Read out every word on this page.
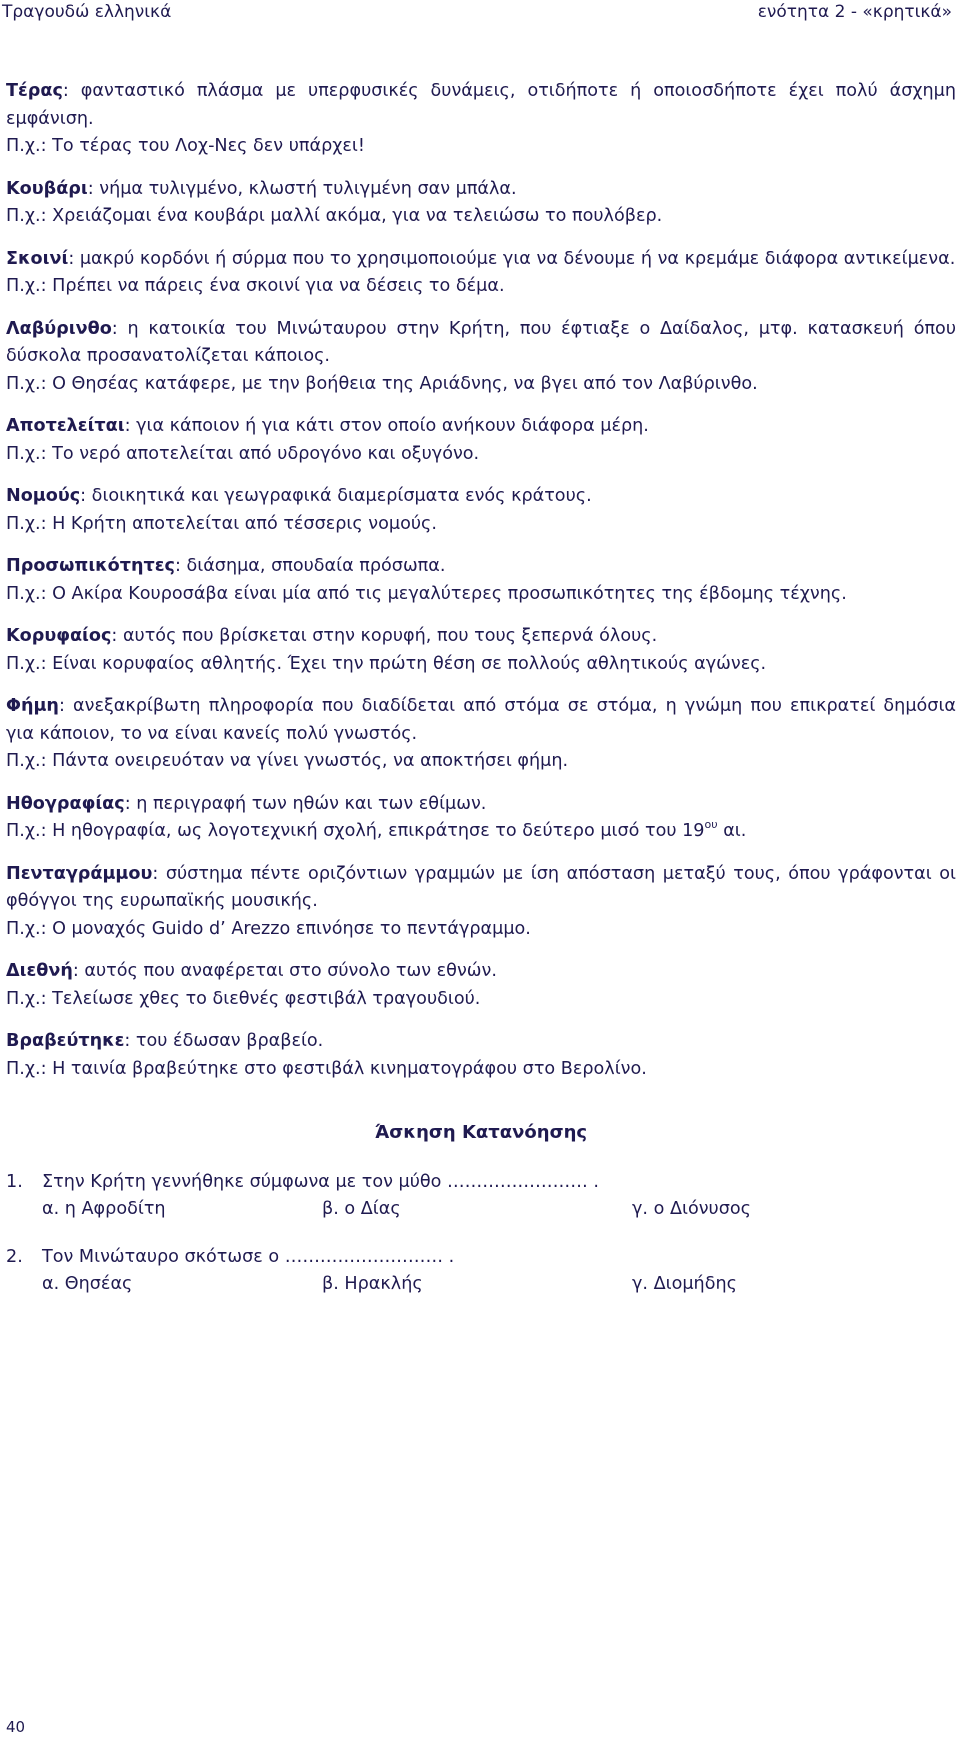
Τραγουδώ ελληνικά	ενότητα 2 - «κρητικά»

Τέρας: φανταστικό πλάσμα με υπερφυσικές δυνάμεις, οτιδήποτε ή οποιοσδήποτε έχει πολύ άσχημη εμφάνιση.

Π.χ.: Το τέρας του Λοχ-Νες δεν υπάρχει!

Κουβάρι: νήμα τυλιγμένο, κλωστή τυλιγμένη σαν μπάλα.

Π.χ.: Χρειάζομαι ένα κουβάρι μαλλί ακόμα, για να τελειώσω το πουλόβερ.

Σκοινί: μακρύ κορδόνι ή σύρμα που το χρησιμοποιούμε για να δένουμε ή να κρεμάμε διάφορα αντικείμενα.

Π.χ.: Πρέπει να πάρεις ένα σκοινί για να δέσεις το δέμα.

Λαβύρινθο: η κατοικία του Μινώταυρου στην Κρήτη, που έφτιαξε ο Δαίδαλος, μτφ. κατασκευή όπου δύσκολα προσανατολίζεται κάποιος.

Π.χ.: Ο Θησέας κατάφερε, με την βοήθεια της Αριάδνης, να βγει από τον Λαβύρινθο.

Αποτελείται: για κάποιον ή για κάτι στον οποίο ανήκουν διάφορα μέρη.

Π.χ.: Το νερό αποτελείται από υδρογόνο και οξυγόνο.

Νομούς: διοικητικά και γεωγραφικά διαμερίσματα ενός κράτους.

Π.χ.: Η Κρήτη αποτελείται από τέσσερις νομούς.

Προσωπικότητες: διάσημα, σπουδαία πρόσωπα.

Π.χ.: Ο Ακίρα Κουροσάβα είναι μία από τις μεγαλύτερες προσωπικότητες της έβδομης τέχνης.

Κορυφαίος: αυτός που βρίσκεται στην κορυφή, που τους ξεπερνά όλους.

Π.χ.: Είναι κορυφαίος αθλητής. Έχει την πρώτη θέση σε πολλούς αθλητικούς αγώνες.

Φήμη: ανεξακρίβωτη πληροφορία που διαδίδεται από στόμα σε στόμα, η γνώμη που επικρατεί δημόσια για κάποιον, το να είναι κανείς πολύ γνωστός.

Π.χ.: Πάντα ονειρευόταν να γίνει γνωστός, να αποκτήσει φήμη.

Ηθογραφίας: η περιγραφή των ηθών και των εθίμων.

Π.χ.: Η ηθογραφία, ως λογοτεχνική σχολή, επικράτησε το δεύτερο μισό του $19^{o\upsilon}$ αι.

Πενταγράμμου: σύστημα πέντε οριζόντιων γραμμών με ίση απόσταση μεταξύ τους, όπου γράφονται οι φθόγγοι της ευρωπαϊκής μουσικής.

Π.χ.: Ο μοναχός Guido d’ Arezzo επινόησε το πεντάγραμμο.

Διεθνή: αυτός που αναφέρεται στο σύνολο των εθνών.

Π.χ.: Τελείωσε χθες το διεθνές φεστιβάλ τραγουδιού.

Βραβεύτηκε: του έδωσαν βραβείο.

Π.χ.: Η ταινία βραβεύτηκε στο φεστιβάλ κινηματογράφου στο Βερολίνο.

Άσκηση Κατανόησης
1.	Στην Κρήτη γεννήθηκε σύμφωνα με τον μύθο …………………… .
α. η Αφροδίτη	β. ο Δίας	γ. ο Διόνυσος
2.	Τον Μινώταυρο σκότωσε ο ……………………… .
α. Θησέας	β. Ηρακλής	γ. Διομήδης
40
